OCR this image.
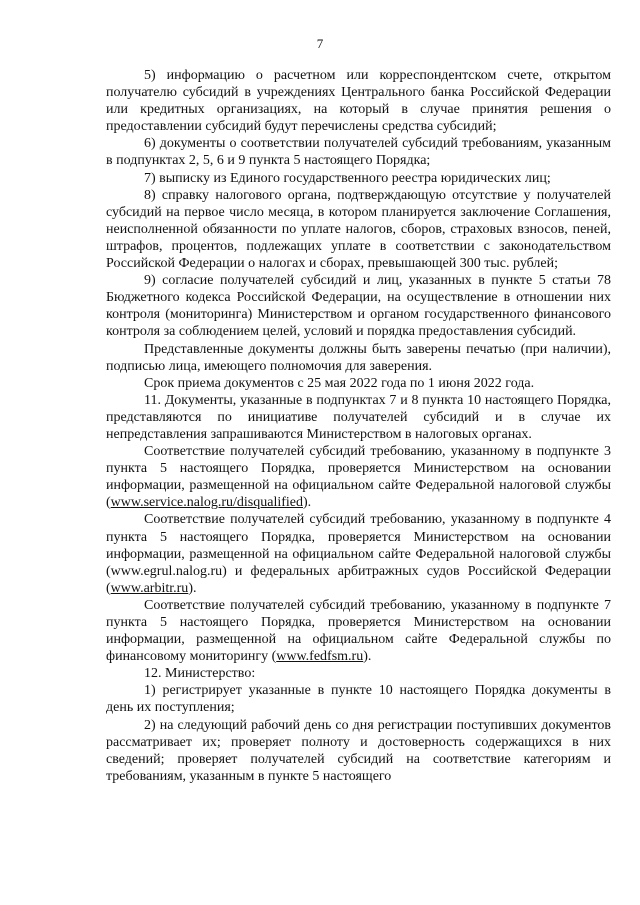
7

5) информацию о расчетном или корреспондентском счете, открытом получателю субсидий в учреждениях Центрального банка Российской Федерации или кредитных организациях, на который в случае принятия решения о предоставлении субсидий будут перечислены средства субсидий;

6) документы о соответствии получателей субсидий требованиям, указанным в подпунктах 2, 5, 6 и 9 пункта 5 настоящего Порядка;

7) выписку из Единого государственного реестра юридических лиц;

8) справку налогового органа, подтверждающую отсутствие у получателей субсидий на первое число месяца, в котором планируется заключение Соглашения, неисполненной обязанности по уплате налогов, сборов, страховых взносов, пеней, штрафов, процентов, подлежащих уплате в соответствии с законодательством Российской Федерации о налогах и сборах, превышающей 300 тыс. рублей;

9) согласие получателей субсидий и лиц, указанных в пункте 5 статьи 78 Бюджетного кодекса Российской Федерации, на осуществление в отношении них контроля (мониторинга) Министерством и органом государственного финансового контроля за соблюдением целей, условий и порядка предоставления субсидий.

Представленные документы должны быть заверены печатью (при наличии), подписью лица, имеющего полномочия для заверения.

Срок приема документов с 25 мая 2022 года по 1 июня 2022 года.

11. Документы, указанные в подпунктах 7 и 8 пункта 10 настоящего Порядка, представляются по инициативе получателей субсидий и в случае их непредставления запрашиваются Министерством в налоговых органах.

Соответствие получателей субсидий требованию, указанному в подпункте 3 пункта 5 настоящего Порядка, проверяется Министерством на основании информации, размещенной на официальном сайте Федеральной налоговой службы (www.service.nalog.ru/disqualified).

Соответствие получателей субсидий требованию, указанному в подпункте 4 пункта 5 настоящего Порядка, проверяется Министерством на основании информации, размещенной на официальном сайте Федеральной налоговой службы (www.egrul.nalog.ru) и федеральных арбитражных судов Российской Федерации (www.arbitr.ru).

Соответствие получателей субсидий требованию, указанному в подпункте 7 пункта 5 настоящего Порядка, проверяется Министерством на основании информации, размещенной на официальном сайте Федеральной службы по финансовому мониторингу (www.fedfsm.ru).

12. Министерство:

1) регистрирует указанные в пункте 10 настоящего Порядка документы в день их поступления;

2) на следующий рабочий день со дня регистрации поступивших документов рассматривает их; проверяет полноту и достоверность содержащихся в них сведений; проверяет получателей субсидий на соответствие категориям и требованиям, указанным в пункте 5 настоящего
